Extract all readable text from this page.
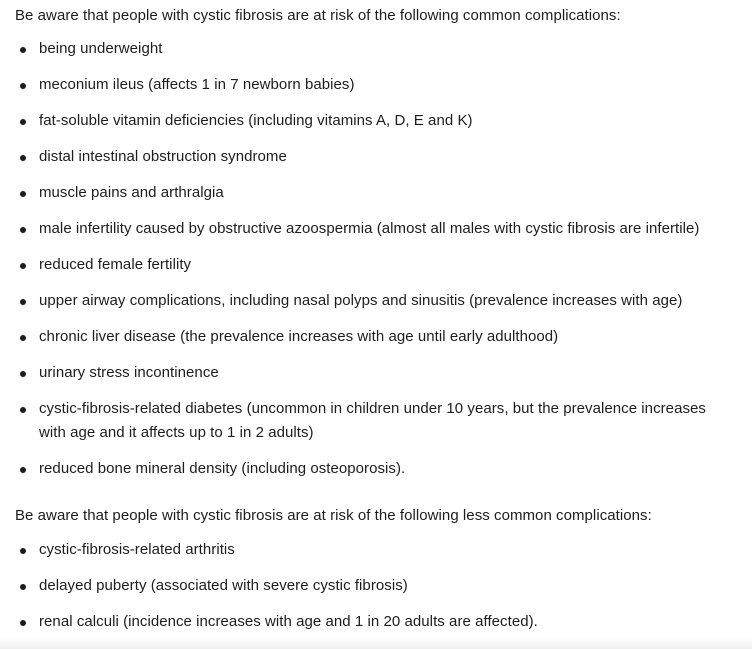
Be aware that people with cystic fibrosis are at risk of the following common complications:

being underweight
meconium ileus (affects 1 in 7 newborn babies)
fat-soluble vitamin deficiencies (including vitamins A, D, E and K)
distal intestinal obstruction syndrome
muscle pains and arthralgia
male infertility caused by obstructive azoospermia (almost all males with cystic fibrosis are infertile)
reduced female fertility
upper airway complications, including nasal polyps and sinusitis (prevalence increases with age)
chronic liver disease (the prevalence increases with age until early adulthood)
urinary stress incontinence
cystic-fibrosis-related diabetes (uncommon in children under 10 years, but the prevalence increases with age and it affects up to 1 in 2 adults)
reduced bone mineral density (including osteoporosis).

Be aware that people with cystic fibrosis are at risk of the following less common complications:

cystic-fibrosis-related arthritis
delayed puberty (associated with severe cystic fibrosis)
renal calculi (incidence increases with age and 1 in 20 adults are affected).
